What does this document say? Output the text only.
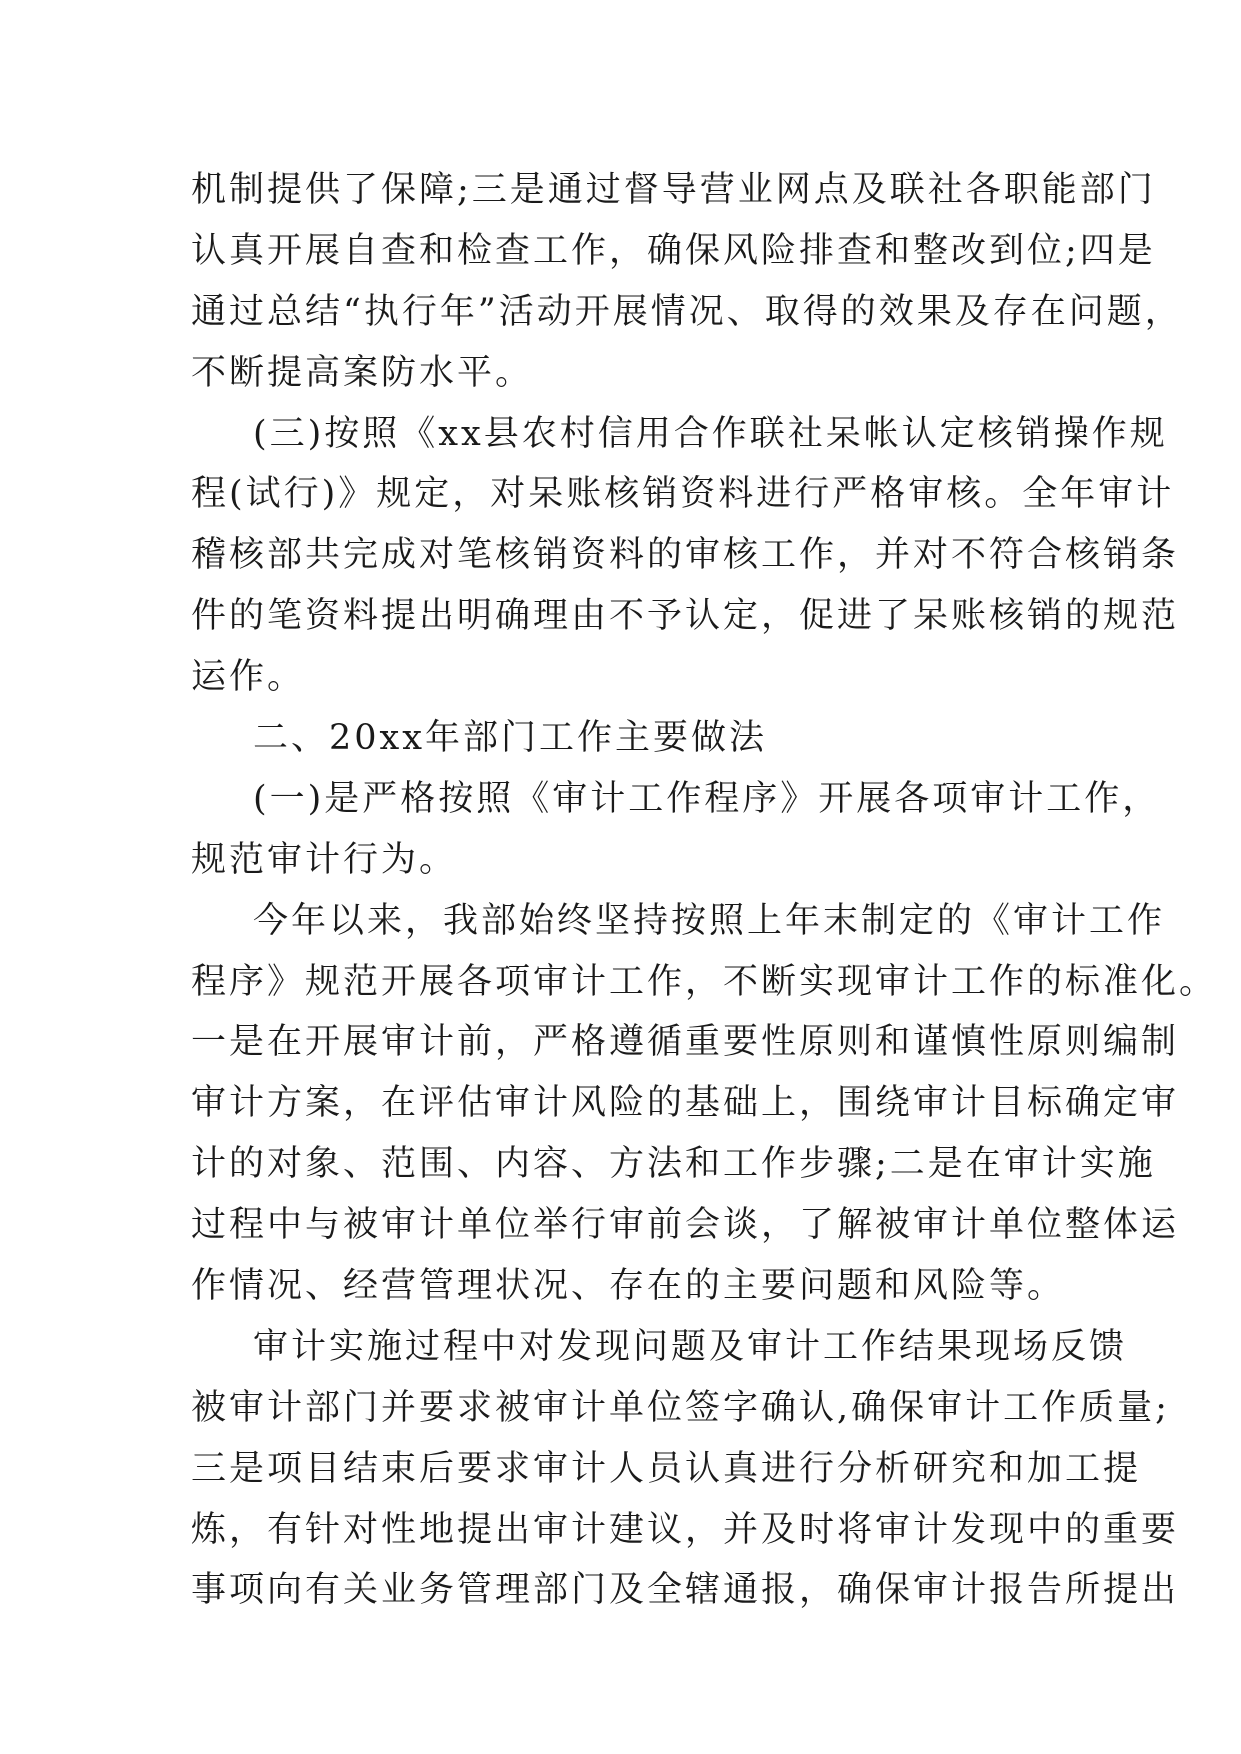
机制提供了保障;三是通过督导营业网点及联社各职能部门
认真开展自查和检查工作，确保风险排查和整改到位;四是
通过总结“执行年”活动开展情况、取得的效果及存在问题，
不断提高案防水平。
(三)按照《xx县农村信用合作联社呆帐认定核销操作规
程(试行)》规定，对呆账核销资料进行严格审核。全年审计
稽核部共完成对笔核销资料的审核工作，并对不符合核销条
件的笔资料提出明确理由不予认定，促进了呆账核销的规范
运作。
二、20xx年部门工作主要做法
(一)是严格按照《审计工作程序》开展各项审计工作，
规范审计行为。
今年以来，我部始终坚持按照上年末制定的《审计工作
程序》规范开展各项审计工作，不断实现审计工作的标准化。
一是在开展审计前，严格遵循重要性原则和谨慎性原则编制
审计方案，在评估审计风险的基础上，围绕审计目标确定审
计的对象、范围、内容、方法和工作步骤;二是在审计实施
过程中与被审计单位举行审前会谈，了解被审计单位整体运
作情况、经营管理状况、存在的主要问题和风险等。
审计实施过程中对发现问题及审计工作结果现场反馈
被审计部门并要求被审计单位签字确认,确保审计工作质量;
三是项目结束后要求审计人员认真进行分析研究和加工提
炼，有针对性地提出审计建议，并及时将审计发现中的重要
事项向有关业务管理部门及全辖通报，确保审计报告所提出
